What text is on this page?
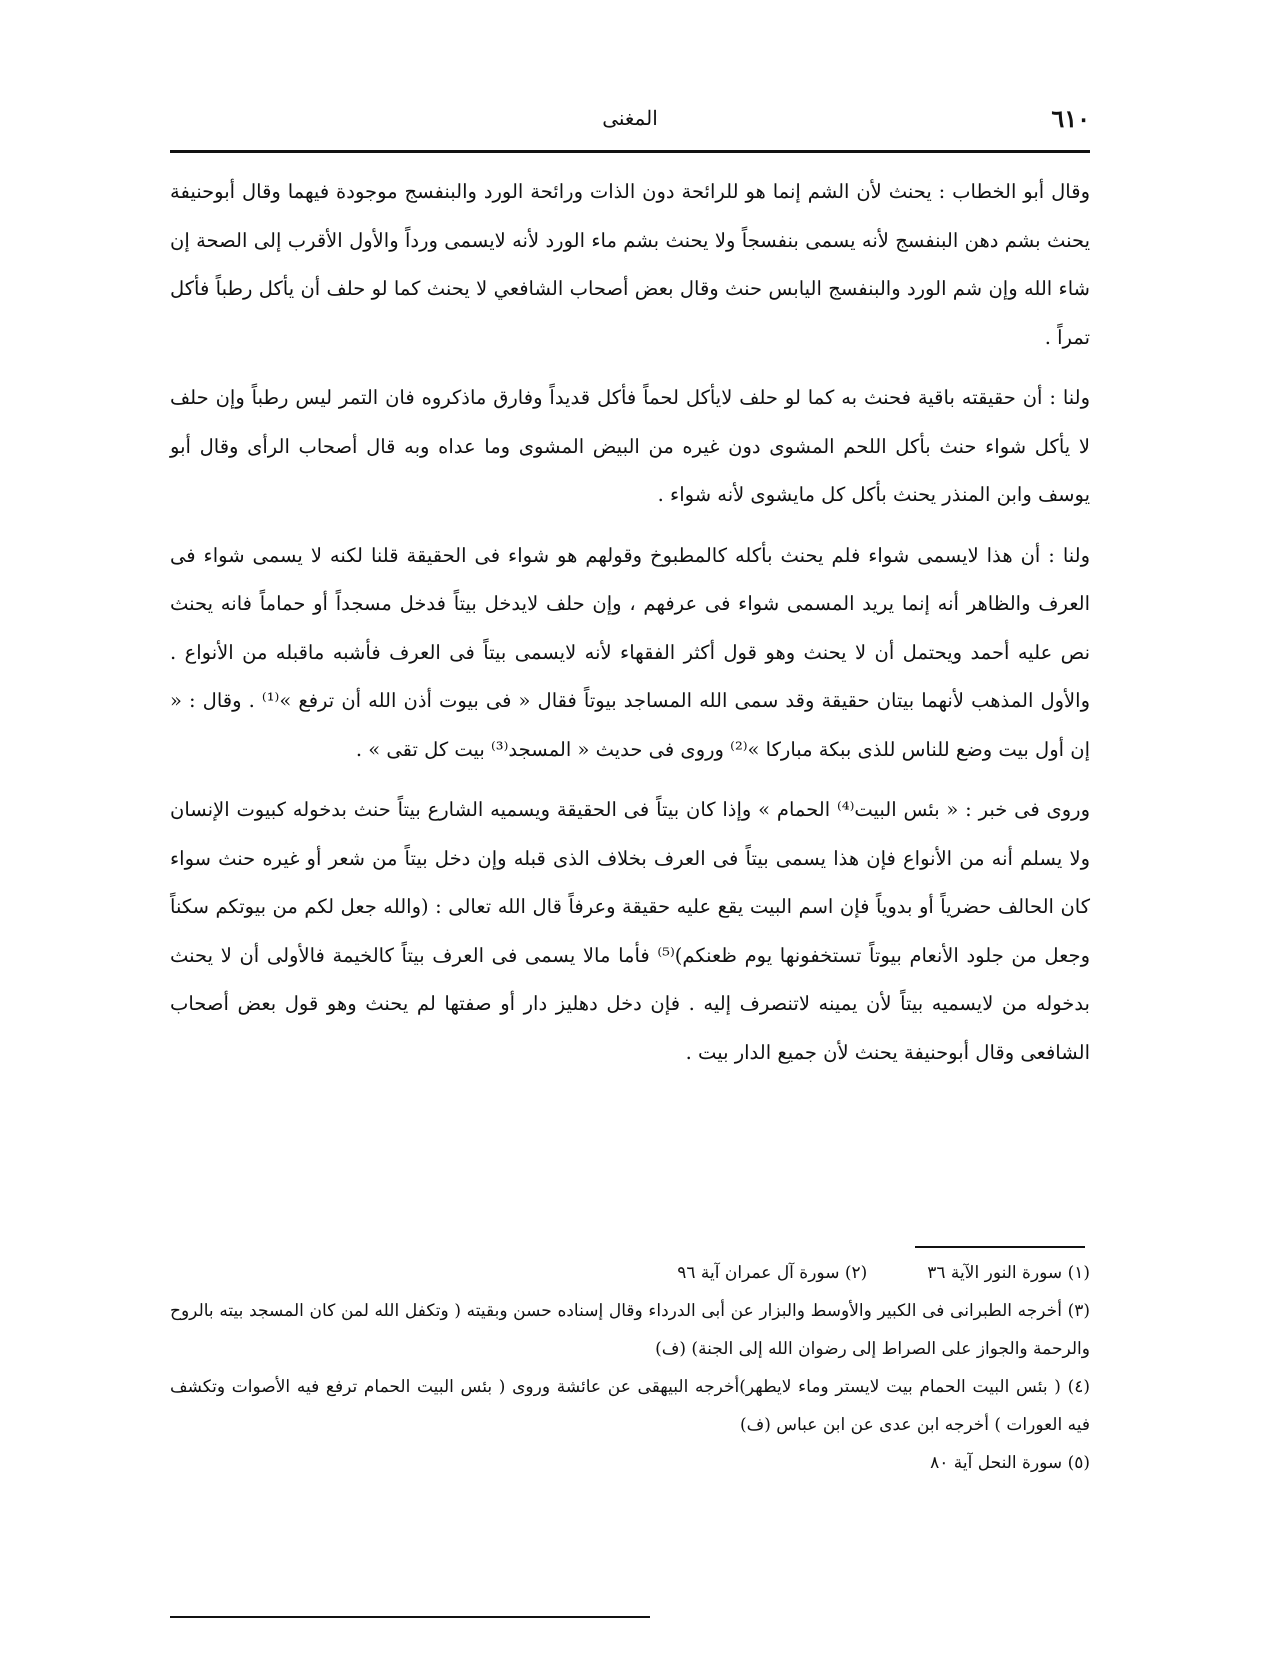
٦١٠
المغنى

وقال أبو الخطاب : يحنث لأن الشم إنما هو للرائحة دون الذات ورائحة الورد والبنفسج موجودة فيهما وقال أبوحنيفة يحنث بشم دهن البنفسج لأنه يسمى بنفسجاً ولا يحنث بشم ماء الورد لأنه لايسمى ورداً والأول الأقرب إلى الصحة إن شاء الله وإن شم الورد والبنفسج اليابس حنث وقال بعض أصحاب الشافعي لا يحنث كما لو حلف أن يأكل رطباً فأكل تمراً .

ولنا : أن حقيقته باقية فحنث به كما لو حلف لايأكل لحماً فأكل قديداً وفارق ماذكروه فان التمر ليس رطباً وإن حلف لا يأكل شواء حنث بأكل اللحم المشوى دون غيره من البيض المشوى وما عداه وبه قال أصحاب الرأى وقال أبو يوسف وابن المنذر يحنث بأكل كل مايشوى لأنه شواء .

ولنا : أن هذا لايسمى شواء فلم يحنث بأكله كالمطبوخ وقولهم هو شواء فى الحقيقة قلنا لكنه لا يسمى شواء فى العرف والظاهر أنه إنما يريد المسمى شواء فى عرفهم ، وإن حلف لايدخل بيتاً فدخل مسجداً أو حماماً فانه يحنث نص عليه أحمد ويحتمل أن لا يحنث وهو قول أكثر الفقهاء لأنه لايسمى بيتاً فى العرف فأشبه ماقبله من الأنواع . والأول المذهب لأنهما بيتان حقيقة وقد سمى الله المساجد بيوتاً فقال « فى بيوت أذن الله أن ترفع »⁽¹⁾ . وقال : « إن أول بيت وضع للناس للذى ببكة مباركا »⁽²⁾ وروى فى حديث « المسجد⁽³⁾ بيت كل تقى » .

وروى فى خبر : « بئس البيت⁽⁴⁾ الحمام » وإذا كان بيتاً فى الحقيقة ويسميه الشارع بيتاً حنث بدخوله كبيوت الإنسان ولا يسلم أنه من الأنواع فإن هذا يسمى بيتاً فى العرف بخلاف الذى قبله وإن دخل بيتاً من شعر أو غيره حنث سواء كان الحالف حضرياً أو بدوياً فإن اسم البيت يقع عليه حقيقة وعرفاً قال الله تعالى : (والله جعل لكم من بيوتكم سكناً وجعل من جلود الأنعام بيوتاً تستخفونها يوم ظعنكم)⁽⁵⁾ فأما مالا يسمى فى العرف بيتاً كالخيمة فالأولى أن لا يحنث بدخوله من لايسميه بيتاً لأن يمينه لاتنصرف إليه . فإن دخل دهليز دار أو صفتها لم يحنث وهو قول بعض أصحاب الشافعى وقال أبوحنيفة يحنث لأن جميع الدار بيت .

(١) سورة النور الآية ٣٦
(٢) سورة آل عمران آية ٩٦

(٣) أخرجه الطبرانى فى الكبير والأوسط والبزار عن أبى الدرداء وقال إسناده حسن وبقيته ( وتكفل الله لمن كان المسجد بيته بالروح والرحمة والجواز على الصراط إلى رضوان الله إلى الجنة) (ف)

(٤) ( بئس البيت الحمام بيت لايستر وماء لايطهر)أخرجه البيهقى عن عائشة وروى ( بئس البيت الحمام ترفع فيه الأصوات وتكشف فيه العورات ) أخرجه ابن عدى عن ابن عباس (ف)

(٥) سورة النحل آية ٨٠
